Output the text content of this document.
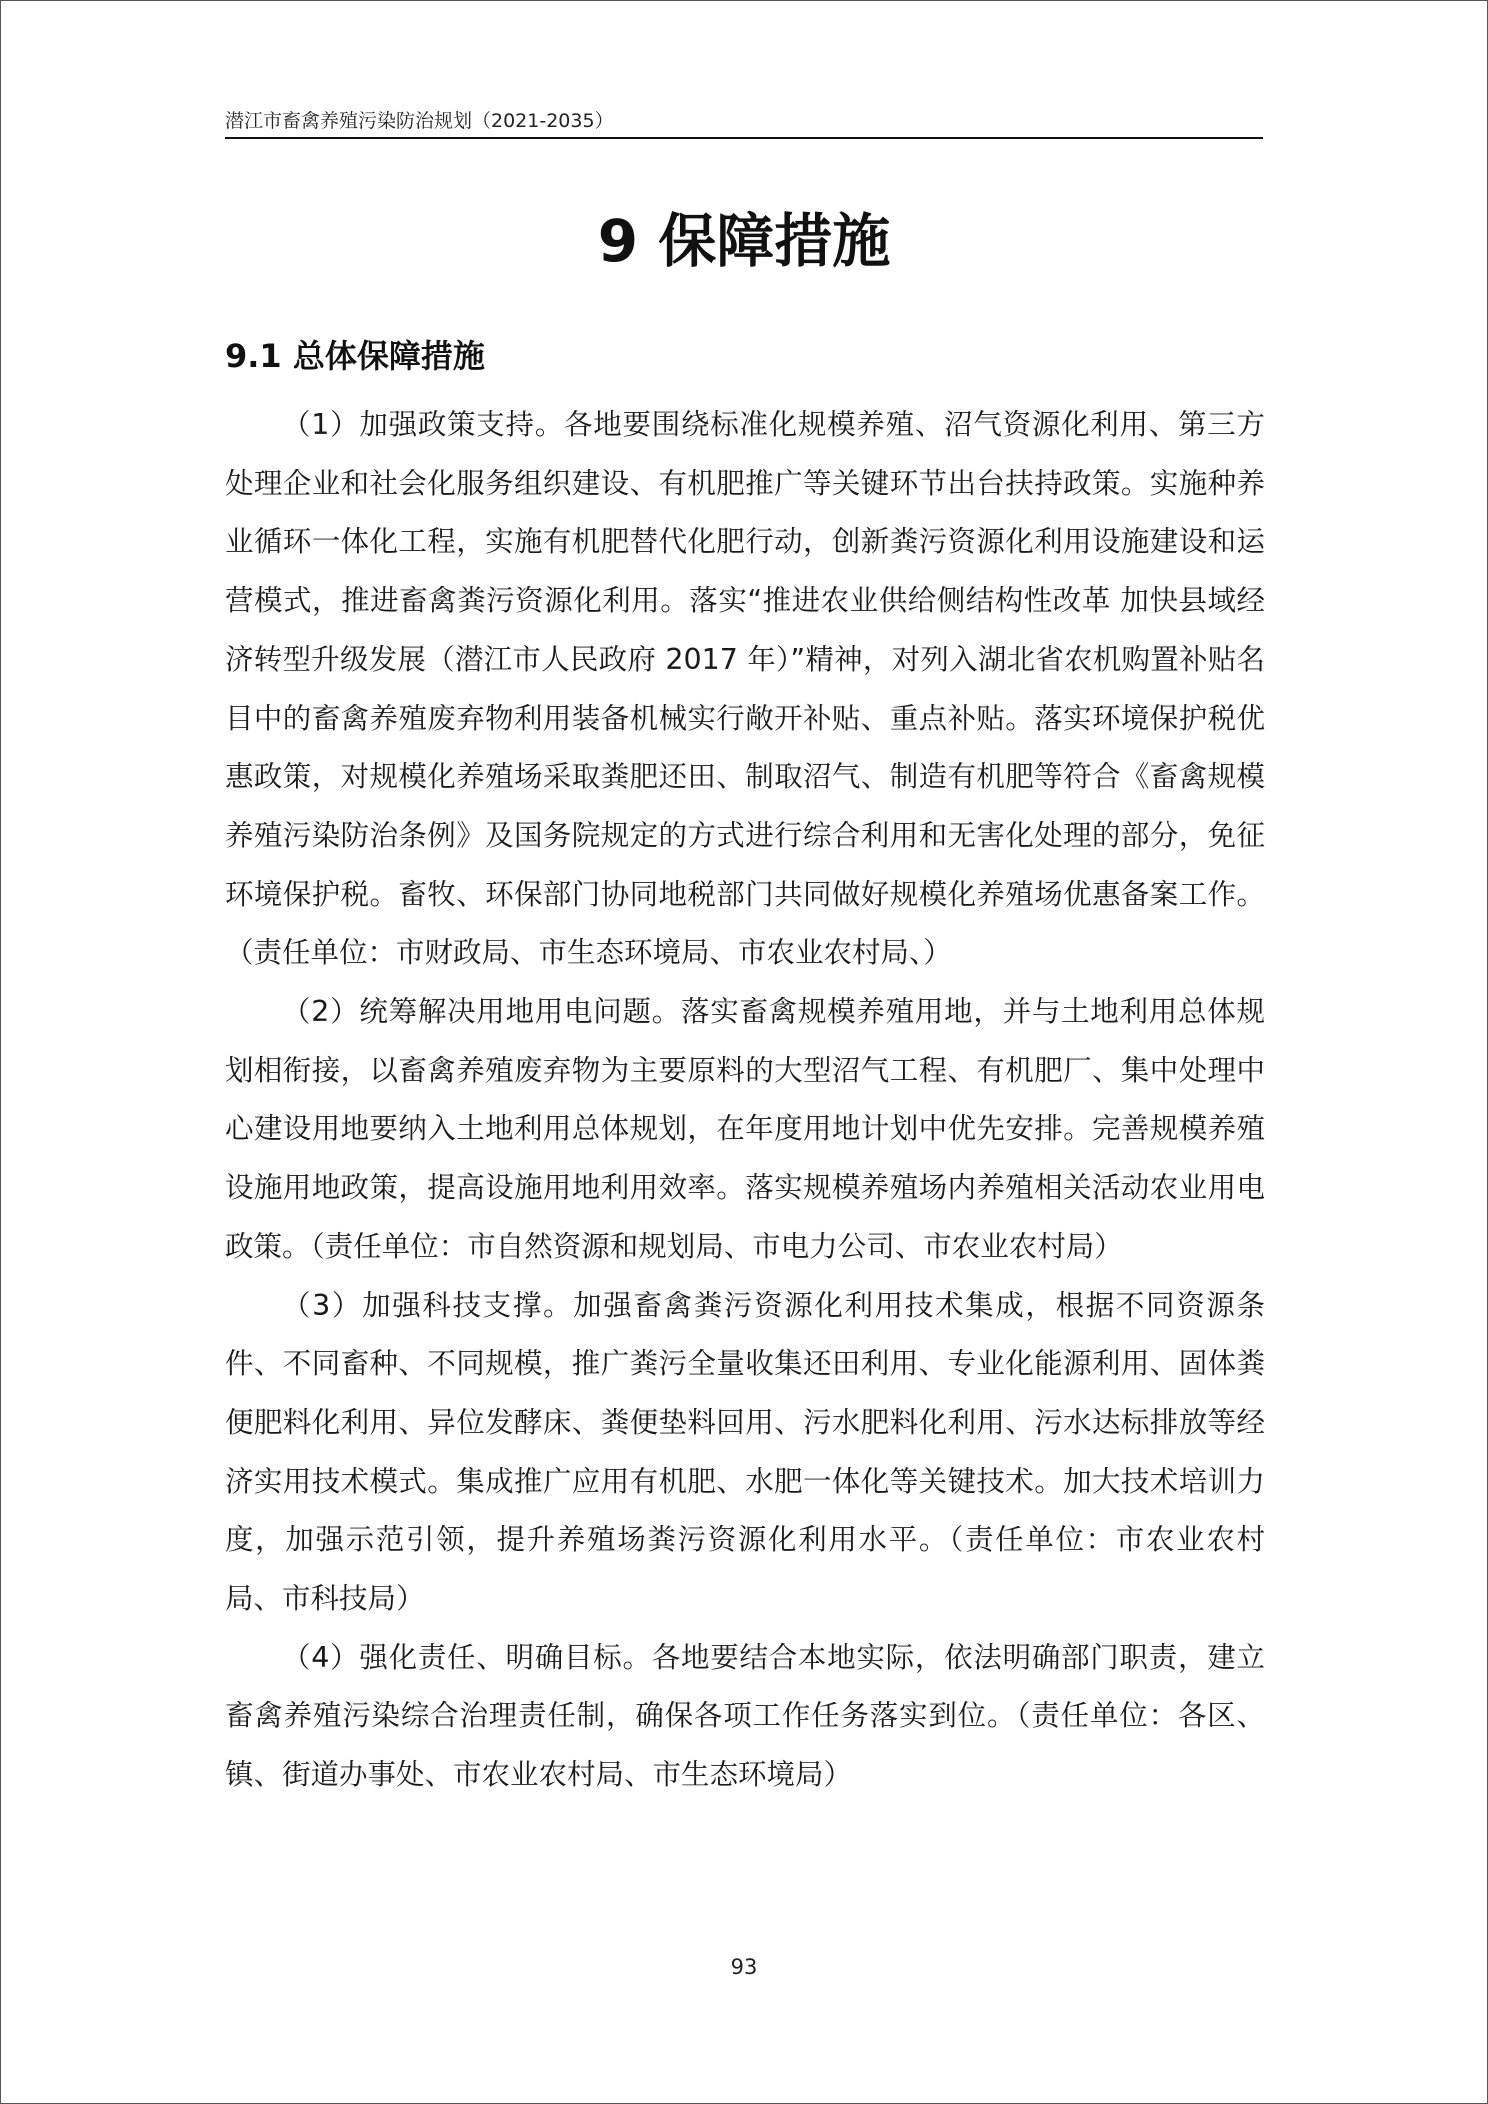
潜江市畜禽养殖污染防治规划（2021-2035）
9 保障措施
9.1 总体保障措施

（1）加强政策支持。各地要围绕标准化规模养殖、沼气资源化利用、第三方处理企业和社会化服务组织建设、有机肥推广等关键环节出台扶持政策。实施种养业循环一体化工程，实施有机肥替代化肥行动，创新粪污资源化利用设施建设和运营模式，推进畜禽粪污资源化利用。落实“推进农业供给侧结构性改革 加快县域经济转型升级发展（潜江市人民政府 2017 年）”精神，对列入湖北省农机购置补贴名目中的畜禽养殖废弃物利用装备机械实行敞开补贴、重点补贴。落实环境保护税优惠政策，对规模化养殖场采取粪肥还田、制取沼气、制造有机肥等符合《畜禽规模养殖污染防治条例》及国务院规定的方式进行综合利用和无害化处理的部分，免征环境保护税。畜牧、环保部门协同地税部门共同做好规模化养殖场优惠备案工作。（责任单位：市财政局、市生态环境局、市农业农村局、）

（2）统筹解决用地用电问题。落实畜禽规模养殖用地，并与土地利用总体规划相衔接，以畜禽养殖废弃物为主要原料的大型沼气工程、有机肥厂、集中处理中心建设用地要纳入土地利用总体规划，在年度用地计划中优先安排。完善规模养殖设施用地政策，提高设施用地利用效率。落实规模养殖场内养殖相关活动农业用电政策。（责任单位：市自然资源和规划局、市电力公司、市农业农村局）

（3）加强科技支撑。加强畜禽粪污资源化利用技术集成，根据不同资源条件、不同畜种、不同规模，推广粪污全量收集还田利用、专业化能源利用、固体粪便肥料化利用、异位发酵床、粪便垫料回用、污水肥料化利用、污水达标排放等经济实用技术模式。集成推广应用有机肥、水肥一体化等关键技术。加大技术培训力度，加强示范引领，提升养殖场粪污资源化利用水平。（责任单位：市农业农村局、市科技局）

（4）强化责任、明确目标。各地要结合本地实际，依法明确部门职责，建立畜禽养殖污染综合治理责任制，确保各项工作任务落实到位。（责任单位：各区、镇、街道办事处、市农业农村局、市生态环境局）

93
